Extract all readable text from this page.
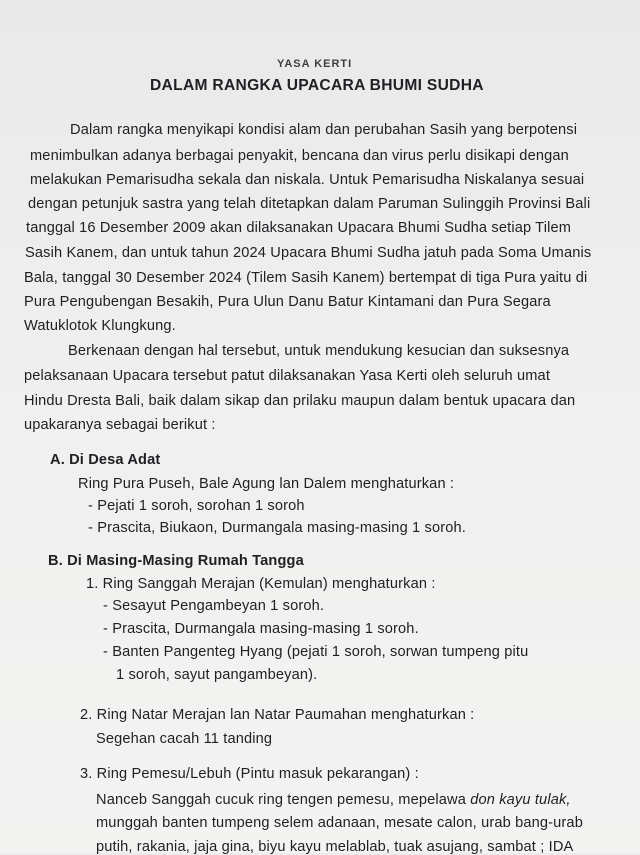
YASA KERTI
DALAM RANGKA UPACARA BHUMI SUDHA
Dalam rangka menyikapi kondisi alam dan perubahan Sasih yang berpotensi
menimbulkan adanya berbagai penyakit, bencana dan virus perlu disikapi dengan
melakukan Pemarisudha sekala dan niskala. Untuk Pemarisudha Niskalanya sesuai
dengan petunjuk sastra yang telah ditetapkan dalam Paruman Sulinggih Provinsi Bali
tanggal 16 Desember 2009 akan dilaksanakan Upacara Bhumi Sudha setiap Tilem
Sasih Kanem, dan untuk tahun 2024 Upacara Bhumi Sudha jatuh pada Soma Umanis
Bala, tanggal 30 Desember 2024 (Tilem Sasih Kanem) bertempat di tiga Pura yaitu di
Pura Pengubengan Besakih, Pura Ulun Danu Batur Kintamani dan Pura Segara
Watuklotok Klungkung.
Berkenaan dengan hal tersebut, untuk mendukung kesucian dan suksesnya
pelaksanaan Upacara tersebut patut dilaksanakan Yasa Kerti oleh seluruh umat
Hindu Dresta Bali, baik dalam sikap dan prilaku maupun dalam bentuk upacara dan
upakaranya sebagai berikut :
A. Di Desa Adat
Ring Pura Puseh, Bale Agung lan Dalem menghaturkan :
- Pejati 1 soroh, sorohan 1 soroh
- Prascita, Biukaon, Durmangala masing-masing 1 soroh.
B. Di Masing-Masing Rumah Tangga
1. Ring Sanggah Merajan (Kemulan) menghaturkan :
- Sesayut Pengambeyan 1 soroh.
- Prascita, Durmangala masing-masing 1 soroh.
- Banten Pangenteg Hyang (pejati 1 soroh, sorwan tumpeng pitu
1 soroh, sayut pangambeyan).
2. Ring Natar Merajan lan Natar Paumahan menghaturkan :
Segehan cacah 11 tanding
3. Ring Pemesu/Lebuh (Pintu masuk pekarangan) :
Nanceb Sanggah cucuk ring tengen pemesu, mepelawa don kayu tulak,
munggah banten tumpeng selem adanaan, mesate calon, urab bang-urab
putih, rakania, jaja gina, biyu kayu melablab, tuak asujang, sambat ; IDA
